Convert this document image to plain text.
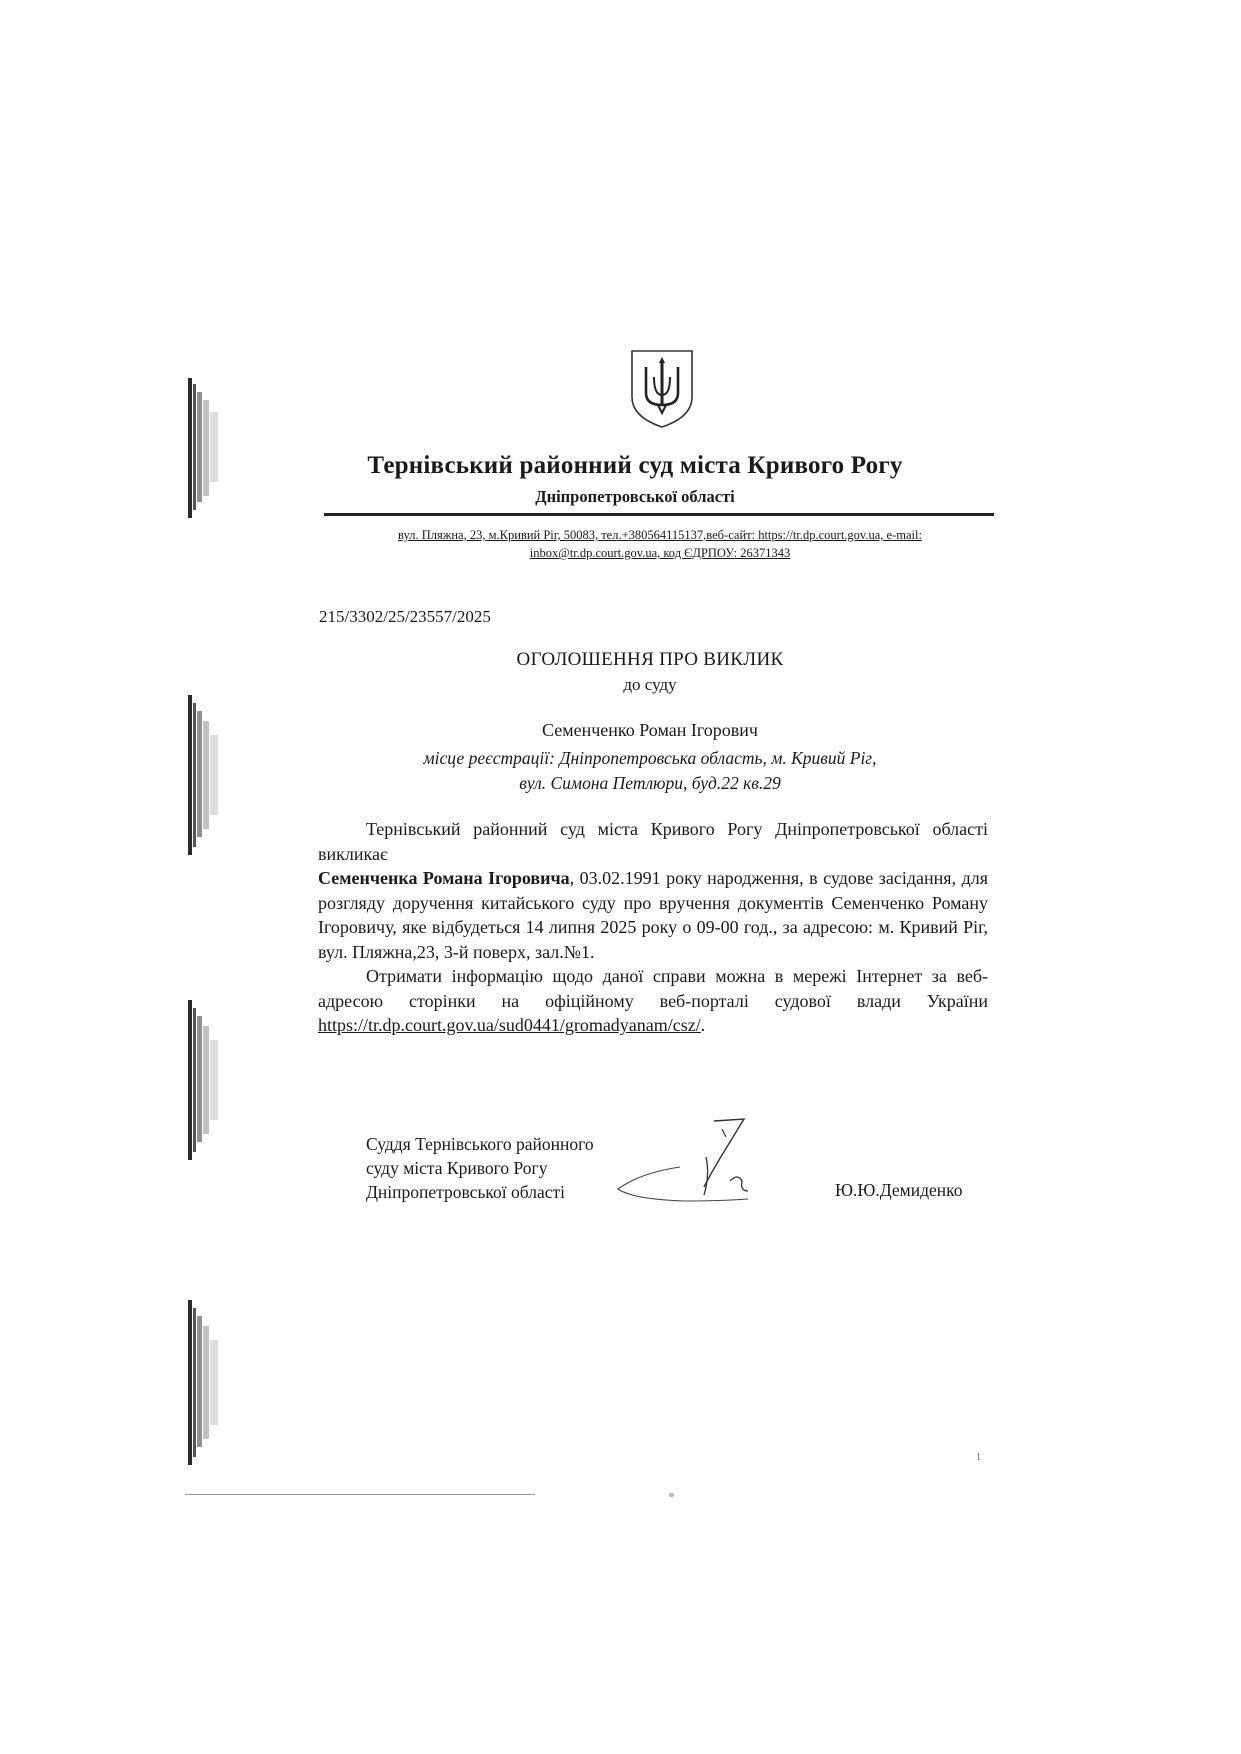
Тернівський районний суд міста Кривого Рогу
Дніпропетровської області
вул. Пляжна, 23, м.Кривий Ріг, 50083, тел.+380564115137,веб-сайт: https://tr.dp.court.gov.ua, e-mail:
inbox@tr.dp.court.gov.ua, код ЄДРПОУ: 26371343
215/3302/25/23557/2025
ОГОЛОШЕННЯ ПРО ВИКЛИК
до суду
Семенченко Роман Ігорович
місце реєстрації: Дніпропетровська область, м. Кривий Ріг,
вул. Симона Петлюри, буд.22 кв.29

Тернівський районний суд міста Кривого Рогу Дніпропетровської області викликає

Семенченка Романа Ігоровича, 03.02.1991 року народження, в судове засідання, для розгляду доручення китайського суду про вручення документів Семенченко Роману Ігоровичу, яке відбудеться 14 липня 2025 року о 09-00 год., за адресою: м. Кривий Ріг, вул. Пляжна,23, 3-й поверх, зал.№1.

Отримати інформацію щодо даної справи можна в мережі Інтернет за веб-адресою сторінки на офіційному веб-порталі судової влади України https://tr.dp.court.gov.ua/sud0441/gromadyanam/csz/.

Суддя Тернівського районного
суду міста Кривого Рогу
Дніпропетровської області	Ю.Ю.Демиденко
1
